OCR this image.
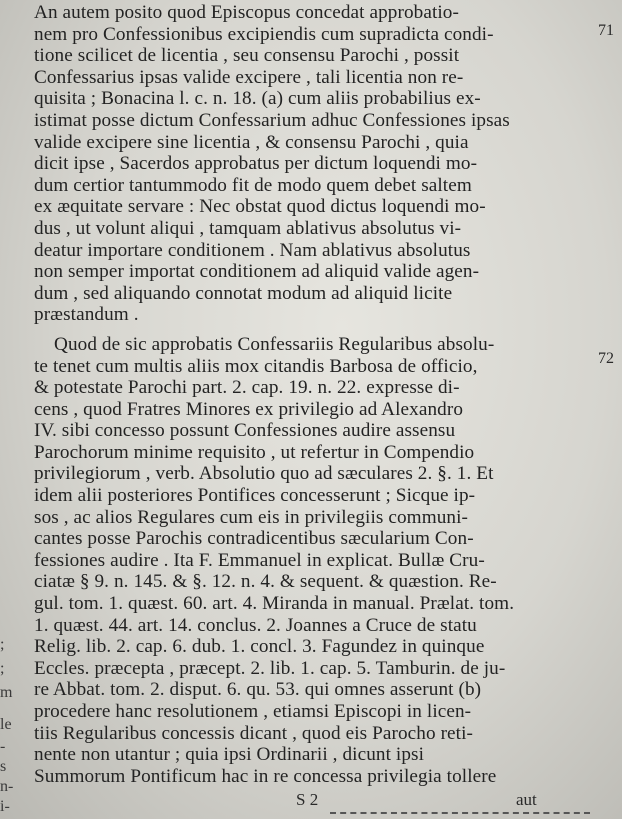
An autem posito quod Episcopus concedat approbatio-
nem pro Confessionibus excipiendis cum supradicta condi-
tione scilicet de licentia , seu consensu Parochi , possit
Confessarius ipsas valide excipere , tali licentia non re-
quisita ; Bonacina l. c. n. 18. (a) cum aliis probabilius ex-
istimat posse dictum Confessarium adhuc Confessiones ipsas
valide excipere sine licentia , & consensu Parochi , quia
dicit ipse , Sacerdos approbatus per dictum loquendi mo-
dum certior tantummodo fit de modo quem debet saltem
ex æquitate servare : Nec obstat quod dictus loquendi mo-
dus , ut volunt aliqui , tamquam ablativus absolutus vi-
deatur importare conditionem . Nam ablativus absolutus
non semper importat conditionem ad aliquid valide agen-
dum , sed aliquando connotat modum ad aliquid licite
præstandum .
Quod de sic approbatis Confessariis Regularibus absolu-
te tenet cum multis aliis mox citandis Barbosa de officio,
& potestate Parochi part. 2. cap. 19. n. 22. expresse di-
cens , quod Fratres Minores ex privilegio ad Alexandro
IV. sibi concesso possunt Confessiones audire assensu
Parochorum minime requisito , ut refertur in Compendio
privilegiorum , verb. Absolutio quo ad sæculares 2. §. 1. Et
idem alii posteriores Pontifices concesserunt ; Sicque ip-
sos , ac alios Regulares cum eis in privilegiis communi-
cantes posse Parochis contradicentibus sæcularium Con-
fessiones audire . Ita F. Emmanuel in explicat. Bullæ Cru-
ciatæ § 9. n. 145. & §. 12. n. 4. & sequent. & quæstion. Re-
gul. tom. 1. quæst. 60. art. 4. Miranda in manual. Prælat. tom.
1. quæst. 44. art. 14. conclus. 2. Joannes a Cruce de statu
Relig. lib. 2. cap. 6. dub. 1. concl. 3. Fagundez in quinque
Eccles. præcepta , præcept. 2. lib. 1. cap. 5. Tamburin. de ju-
re Abbat. tom. 2. disput. 6. qu. 53. qui omnes asserunt (b)
procedere hanc resolutionem , etiamsi Episcopi in licen-
tiis Regularibus concessis dicant , quod eis Parocho reti-
nente non utantur ; quia ipsi Ordinarii , dicunt ipsi
Summorum Pontificum hac in re concessa privilegia tollere
71
72
;
;
m
le
-
s
n-
i-	S 2	aut
